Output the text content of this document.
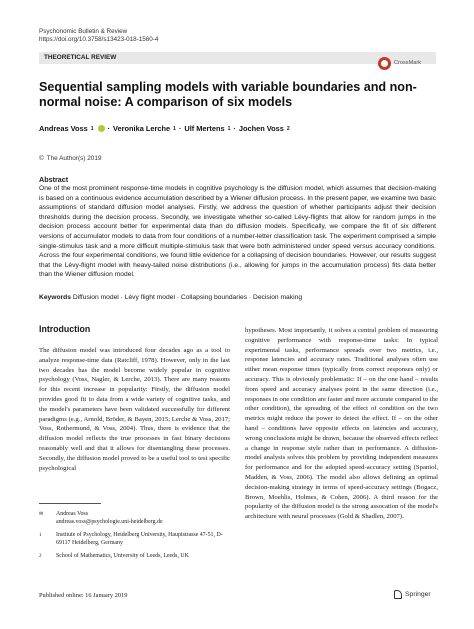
Psychonomic Bulletin & Review
https://doi.org/10.3758/s13423-018-1560-4
THEORETICAL REVIEW
CrossMark
Sequential sampling models with variable boundaries and non-normal noise: A comparison of six models
Andreas Voss 1 · Veronika Lerche 1 · Ulf Mertens 1 · Jochen Voss 2
© The Author(s) 2019
Abstract
One of the most prominent response-time models in cognitive psychology is the diffusion model, which assumes that decision-making is based on a continuous evidence accumulation described by a Wiener diffusion process. In the present paper, we examine two basic assumptions of standard diffusion model analyses. Firstly, we address the question of whether participants adjust their decision thresholds during the decision process. Secondly, we investigate whether so-called Lévy-flights that allow for random jumps in the decision process account better for experimental data than do diffusion models. Specifically, we compare the fit of six different versions of accumulator models to data from four conditions of a number-letter classification task. The experiment comprised a simple single-stimulus task and a more difficult multiple-stimulus task that were both administered under speed versus accuracy conditions. Across the four experimental conditions, we found little evidence for a collapsing of decision boundaries. However, our results suggest that the Lévy-flight model with heavy-tailed noise distributions (i.e., allowing for jumps in the accumulation process) fits data better than the Wiener diffusion model.
Keywords Diffusion model · Lévy flight model · Collapsing boundaries · Decision making
Introduction
The diffusion model was introduced four decades ago as a tool to analyze response-time data (Ratcliff, 1978). However, only in the last two decades has the model become widely popular in cognitive psychology (Voss, Nagler, & Lerche, 2013). There are many reasons for this recent increase in popularity: Firstly, the diffusion model provides good fit to data from a wide variety of cognitive tasks, and the model's parameters have been validated successfully for different paradigms (e.g., Arnold, Bröder, & Bayen, 2015; Lerche & Voss, 2017; Voss, Rothermund, & Voss, 2004). Thus, there is evidence that the diffusion model reflects the true processes in fast binary decisions reasonably well and that it allows for disentangling these processes. Secondly, the diffusion model proved to be a useful tool to test specific psychological
hypotheses. Most importantly, it solves a central problem of measuring cognitive performance with response-time tasks: In typical experimental tasks, performance spreads over two metrics, i.e., response latencies and accuracy rates. Traditional analyses often use either mean response times (typically from correct responses only) or accuracy. This is obviously problematic: If – on the one hand – results from speed and accuracy analyses point in the same direction (i.e., responses in one condition are faster and more accurate compared to the other condition), the spreading of the effect of condition on the two metrics might reduce the power to detect the effect. If – on the other hand – conditions have opposite effects on latencies and accuracy, wrong conclusions might be drawn, because the observed effects reflect a change in response style rather than in performance. A diffusion-model analysis solves this problem by providing independent measures for performance and for the adopted speed-accuracy setting (Spaniol, Madden, & Voss, 2006). The model also allows defining an optimal decision-making strategy in terms of speed-accuracy settings (Bogacz, Brown, Moehlis, Holmes, & Cohen, 2006). A third reason for the popularity of the diffusion model is the strong assocation of the model's architecture with neural processes (Gold & Shadlen, 2007).
✉	Andreas Voss
andreas.voss@psychologie.uni-heidelberg.de
1	Institute of Psychology, Heidelberg University, Hauptstrasse 47-51, D-69117 Heidelberg, Germany
2	School of Mathematics, University of Leeds, Leeds, UK
Published online: 16 January 2019	Springer
